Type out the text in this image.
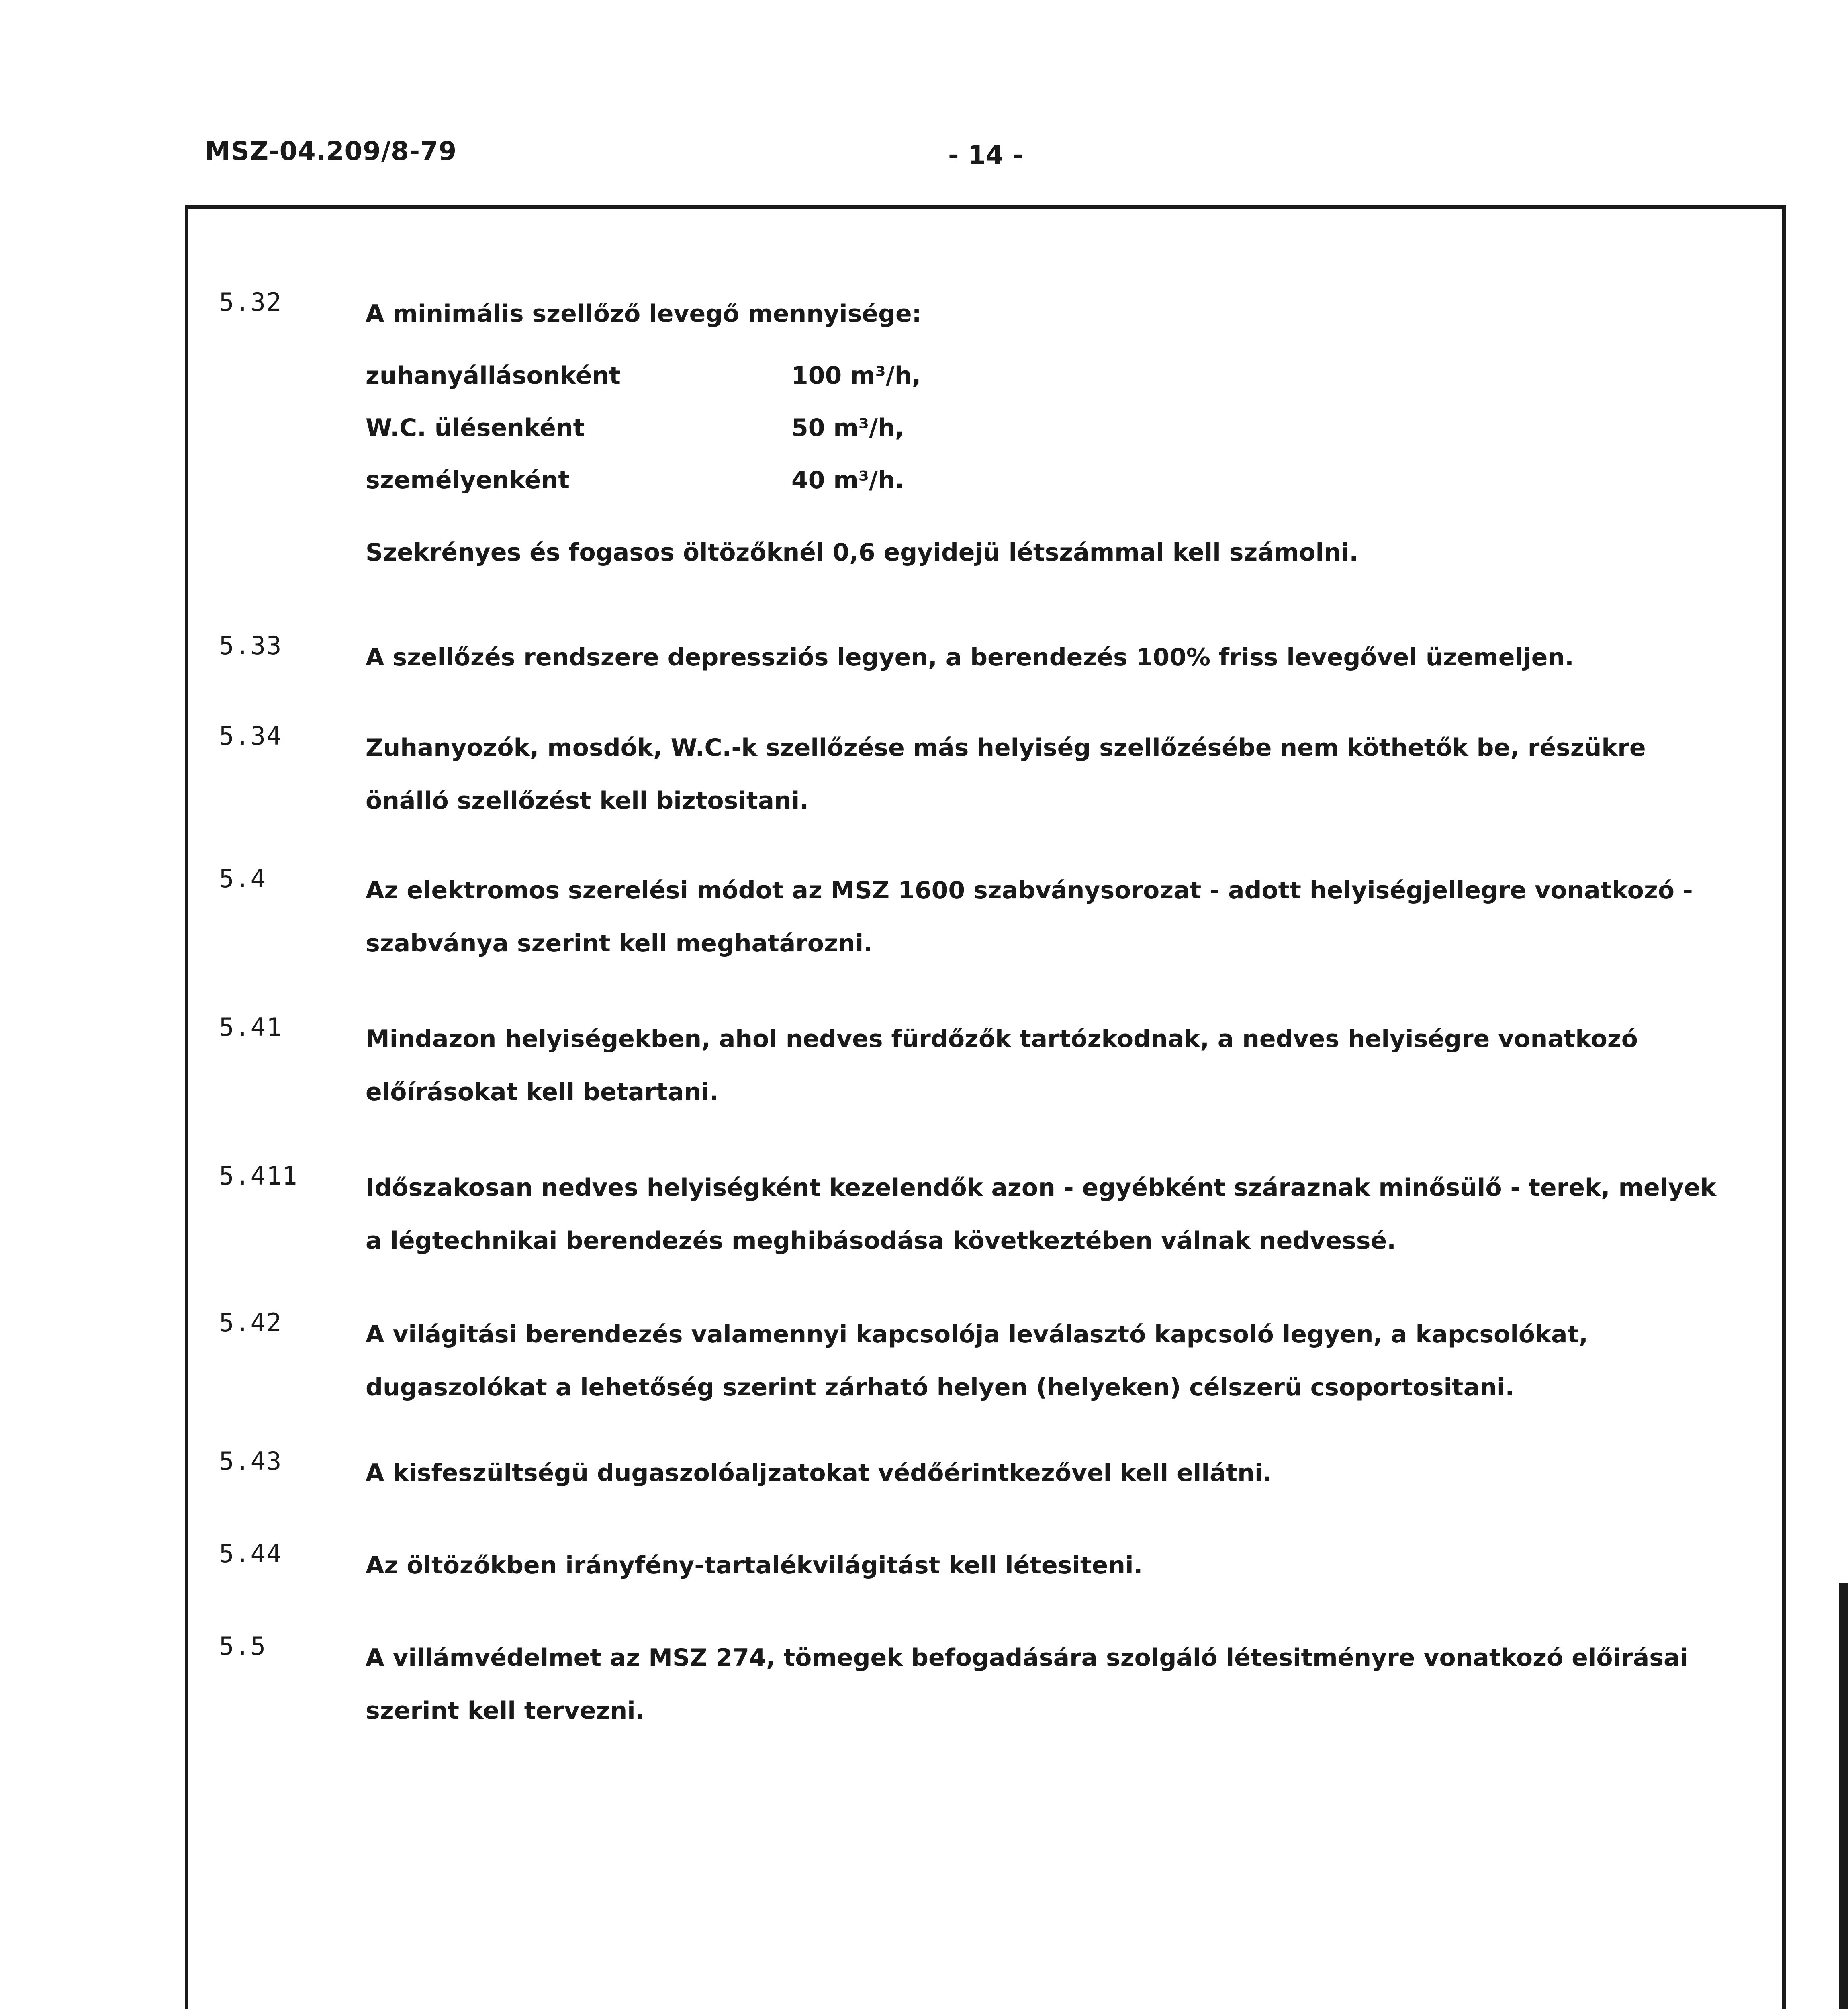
MSZ-04.209/8-79	- 14 -
5.32	A minimális szellőző levegő mennyisége:
zuhanyállásonként	100 m³/h,
W.C. ülésenként	50 m³/h,
személyenként	40 m³/h.
Szekrényes és fogasos öltözőknél 0,6 egyidejü létszámmal kell számolni.
5.33	A szellőzés rendszere depressziós legyen, a berendezés 100% friss levegővel üzemeljen.
5.34	Zuhanyozók, mosdók, W.C.-k szellőzése más helyiség szellőzésébe nem köthetők be, részükre önálló szellőzést kell biztositani.
5.4	Az elektromos szerelési módot az MSZ 1600 szabványsorozat - adott helyiségjellegre vonatkozó - szabványa szerint kell meghatározni.
5.41	Mindazon helyiségekben, ahol nedves fürdőzők tartózkodnak, a nedves helyiségre vonatkozó előírásokat kell betartani.
5.411	Időszakosan nedves helyiségként kezelendők azon - egyébként száraznak minősülő - terek, melyek a légtechnikai berendezés meghibásodása következtében válnak nedvessé.
5.42	A világitási berendezés valamennyi kapcsolója leválasztó kapcsoló legyen, a kapcsolókat, dugaszolókat a lehetőség szerint zárható helyen (helyeken) célszerü csoportositani.
5.43	A kisfeszültségü dugaszolóaljzatokat védőérintkezővel kell ellátni.
5.44	Az öltözőkben irányfény-tartalékvilágitást kell létesiteni.
5.5	A villámvédelmet az MSZ 274, tömegek befogadására szolgáló létesitményre vonatkozó előirásai szerint kell tervezni.
